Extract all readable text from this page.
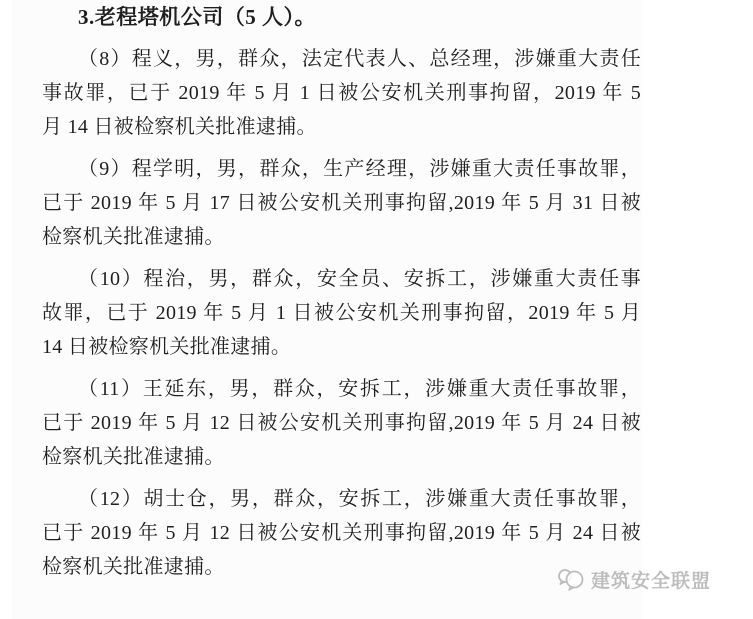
3.老程塔机公司（5 人）。
（8）程义，男，群众，法定代表人、总经理，涉嫌重大责任
事故罪，已于 2019 年 5 月 1 日被公安机关刑事拘留，2019 年 5
月 14 日被检察机关批准逮捕。
（9）程学明，男，群众，生产经理，涉嫌重大责任事故罪，
已于 2019 年 5 月 17 日被公安机关刑事拘留,2019 年 5 月 31 日被
检察机关批准逮捕。
（10）程治，男，群众，安全员、安拆工，涉嫌重大责任事
故罪，已于 2019 年 5 月 1 日被公安机关刑事拘留，2019 年 5 月
14 日被检察机关批准逮捕。
（11）王延东，男，群众，安拆工，涉嫌重大责任事故罪，
已于 2019 年 5 月 12 日被公安机关刑事拘留,2019 年 5 月 24 日被
检察机关批准逮捕。
（12）胡士仓，男，群众，安拆工，涉嫌重大责任事故罪，
已于 2019 年 5 月 12 日被公安机关刑事拘留,2019 年 5 月 24 日被
检察机关批准逮捕。
建筑安全联盟
